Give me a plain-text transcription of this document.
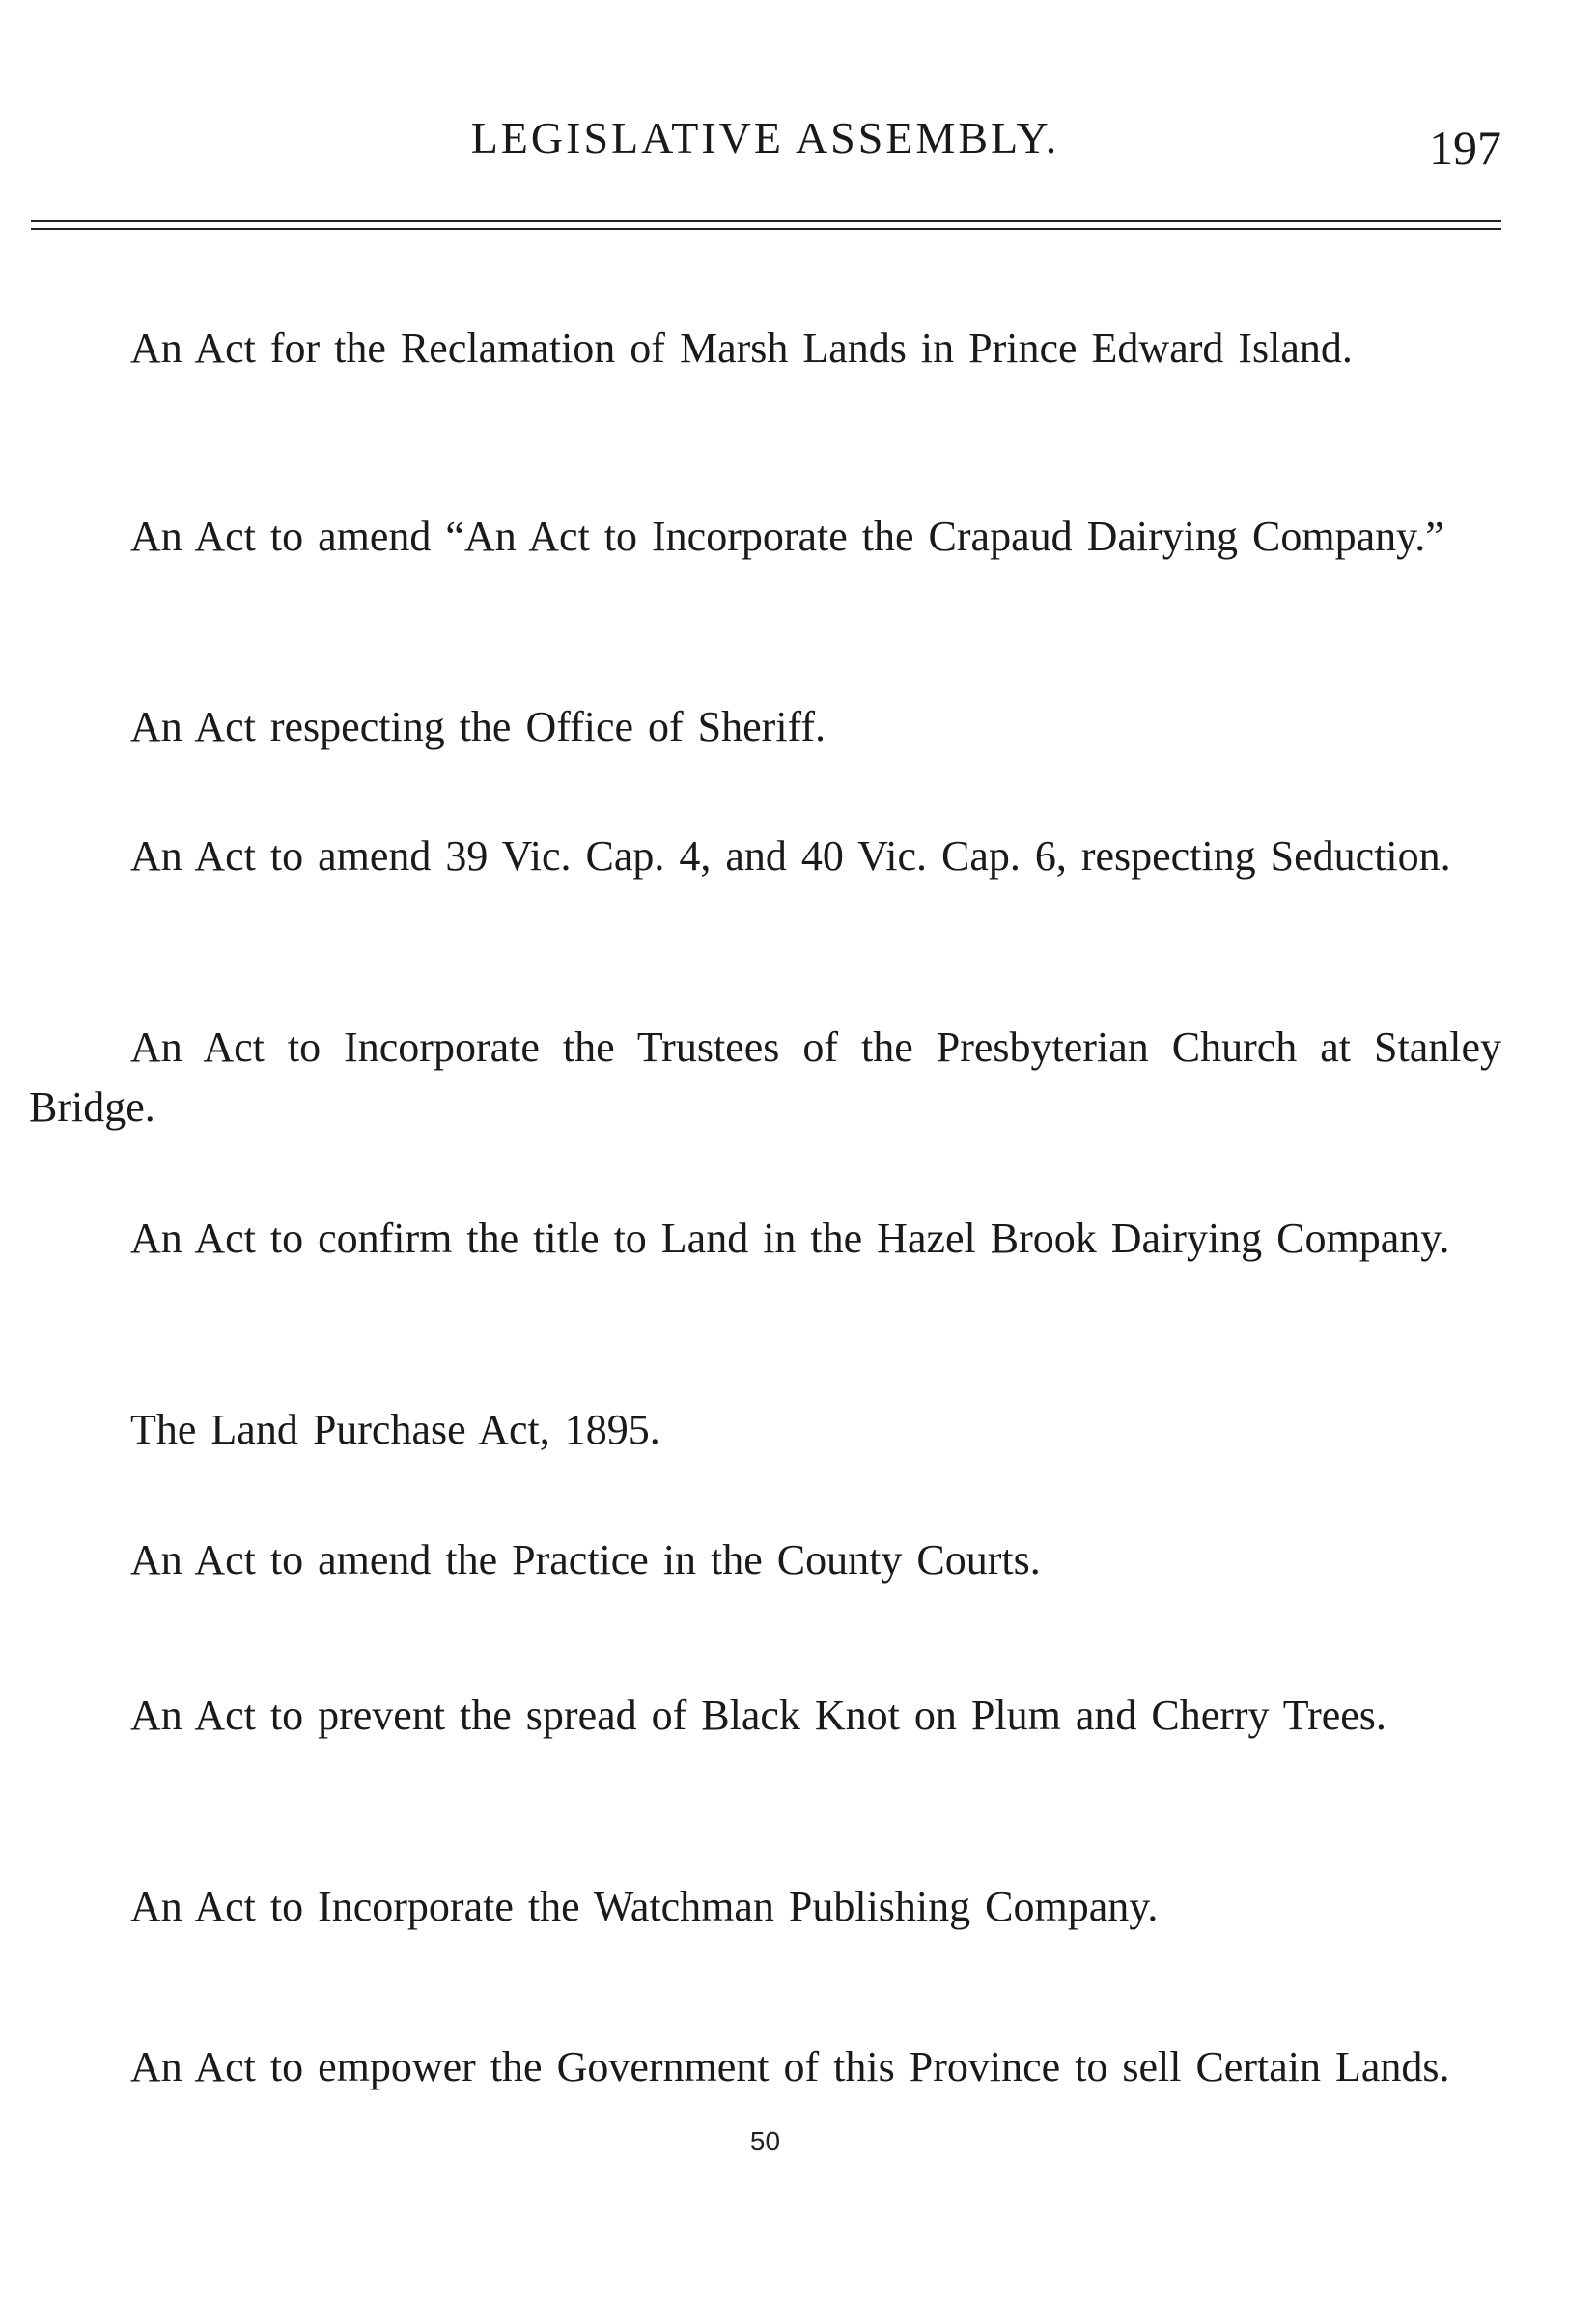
LEGISLATIVE ASSEMBLY.	197
An Act for the Reclamation of Marsh Lands in Prince Edward Island.
An Act to amend “An Act to Incorporate the Crapaud Dairying Company.”
An Act respecting the Office of Sheriff.
An Act to amend 39 Vic. Cap. 4, and 40 Vic. Cap. 6, respecting Seduction.
An Act to Incorporate the Trustees of the Presbyterian Church at Stanley Bridge.
An Act to confirm the title to Land in the Hazel Brook Dairying Company.
The Land Purchase Act, 1895.
An Act to amend the Practice in the County Courts.
An Act to prevent the spread of Black Knot on Plum and Cherry Trees.
An Act to Incorporate the Watchman Publishing Company.
An Act to empower the Government of this Province to sell Certain Lands.
50
